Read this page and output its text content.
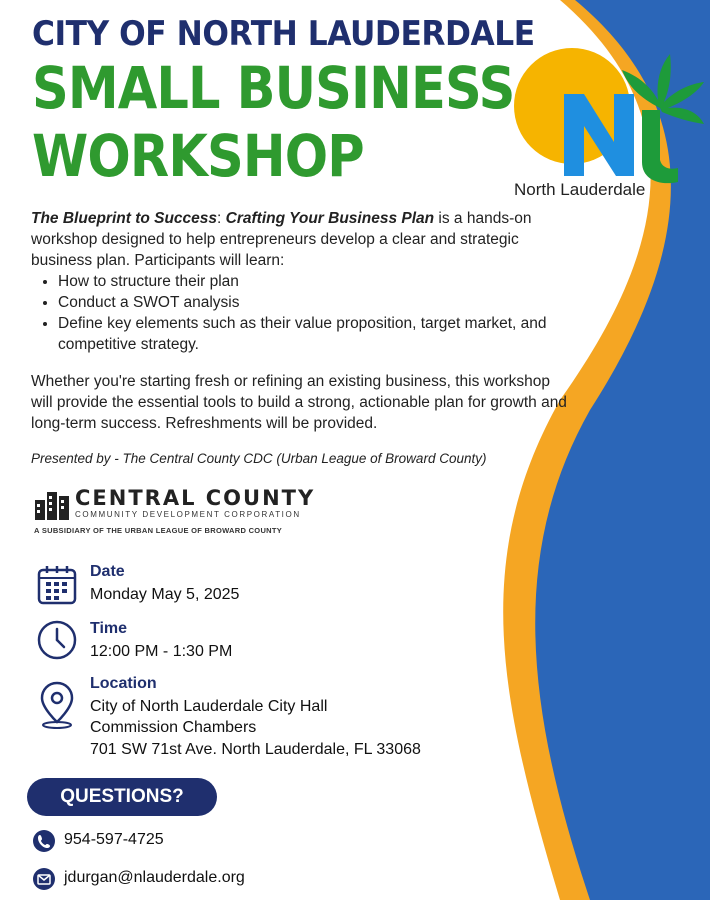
CITY OF NORTH LAUDERDALE
SMALL BUSINESS
WORKSHOP	North Lauderdale
The Blueprint to Success: Crafting Your Business Plan is a hands-on workshop designed to help entrepreneurs develop a clear and strategic business plan. Participants will learn:
• How to structure their plan
• Conduct a SWOT analysis
• Define key elements such as their value proposition, target market, and competitive strategy.
Whether you're starting fresh or refining an existing business, this workshop will provide the essential tools to build a strong, actionable plan for growth and long-term success. Refreshments will be provided.
Presented by - The Central County CDC (Urban League of Broward County)
CENTRAL COUNTY
COMMUNITY DEVELOPMENT CORPORATION
A SUBSIDIARY OF THE URBAN LEAGUE OF BROWARD COUNTY
Date
Monday May 5, 2025
Time
12:00 PM - 1:30 PM
Location
City of North Lauderdale City Hall
Commission Chambers
701 SW 71st Ave. North Lauderdale, FL 33068
QUESTIONS?
954-597-4725
jdurgan@nlauderdale.org
